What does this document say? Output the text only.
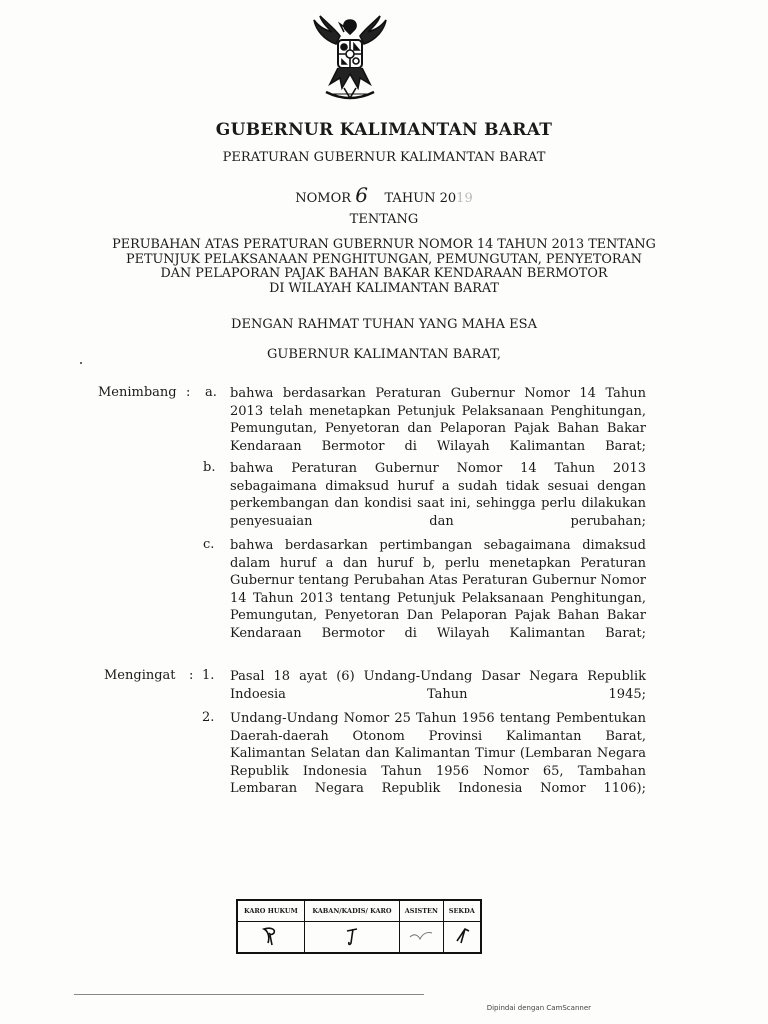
GUBERNUR KALIMANTAN BARAT
PERATURAN GUBERNUR KALIMANTAN BARAT
NOMOR 6 TAHUN 2019
TENTANG
PERUBAHAN ATAS PERATURAN GUBERNUR NOMOR 14 TAHUN 2013 TENTANG
PETUNJUK PELAKSANAAN PENGHITUNGAN, PEMUNGUTAN, PENYETORAN
DAN PELAPORAN PAJAK BAHAN BAKAR KENDARAAN BERMOTOR
DI WILAYAH KALIMANTAN BARAT
DENGAN RAHMAT TUHAN YANG MAHA ESA
GUBERNUR KALIMANTAN BARAT,
Menimbang : a. bahwa berdasarkan Peraturan Gubernur Nomor 14 Tahun 2013 telah menetapkan Petunjuk Pelaksanaan Penghitungan, Pemungutan, Penyetoran dan Pelaporan Pajak Bahan Bakar Kendaraan Bermotor di Wilayah Kalimantan Barat;
b. bahwa Peraturan Gubernur Nomor 14 Tahun 2013 sebagaimana dimaksud huruf a sudah tidak sesuai dengan perkembangan dan kondisi saat ini, sehingga perlu dilakukan penyesuaian dan perubahan;
c. bahwa berdasarkan pertimbangan sebagaimana dimaksud dalam huruf a dan huruf b, perlu menetapkan Peraturan Gubernur tentang Perubahan Atas Peraturan Gubernur Nomor 14 Tahun 2013 tentang Petunjuk Pelaksanaan Penghitungan, Pemungutan, Penyetoran Dan Pelaporan Pajak Bahan Bakar Kendaraan Bermotor di Wilayah Kalimantan Barat;
Mengingat : 1. Pasal 18 ayat (6) Undang-Undang Dasar Negara Republik Indoesia Tahun 1945;
2. Undang-Undang Nomor 25 Tahun 1956 tentang Pembentukan Daerah-daerah Otonom Provinsi Kalimantan Barat, Kalimantan Selatan dan Kalimantan Timur (Lembaran Negara Republik Indonesia Tahun 1956 Nomor 65, Tambahan Lembaran Negara Republik Indonesia Nomor 1106);
KARO HUKUM	KABAN/KADIS/ KARO	ASISTEN	SEKDA

Dipindai dengan CamScanner
